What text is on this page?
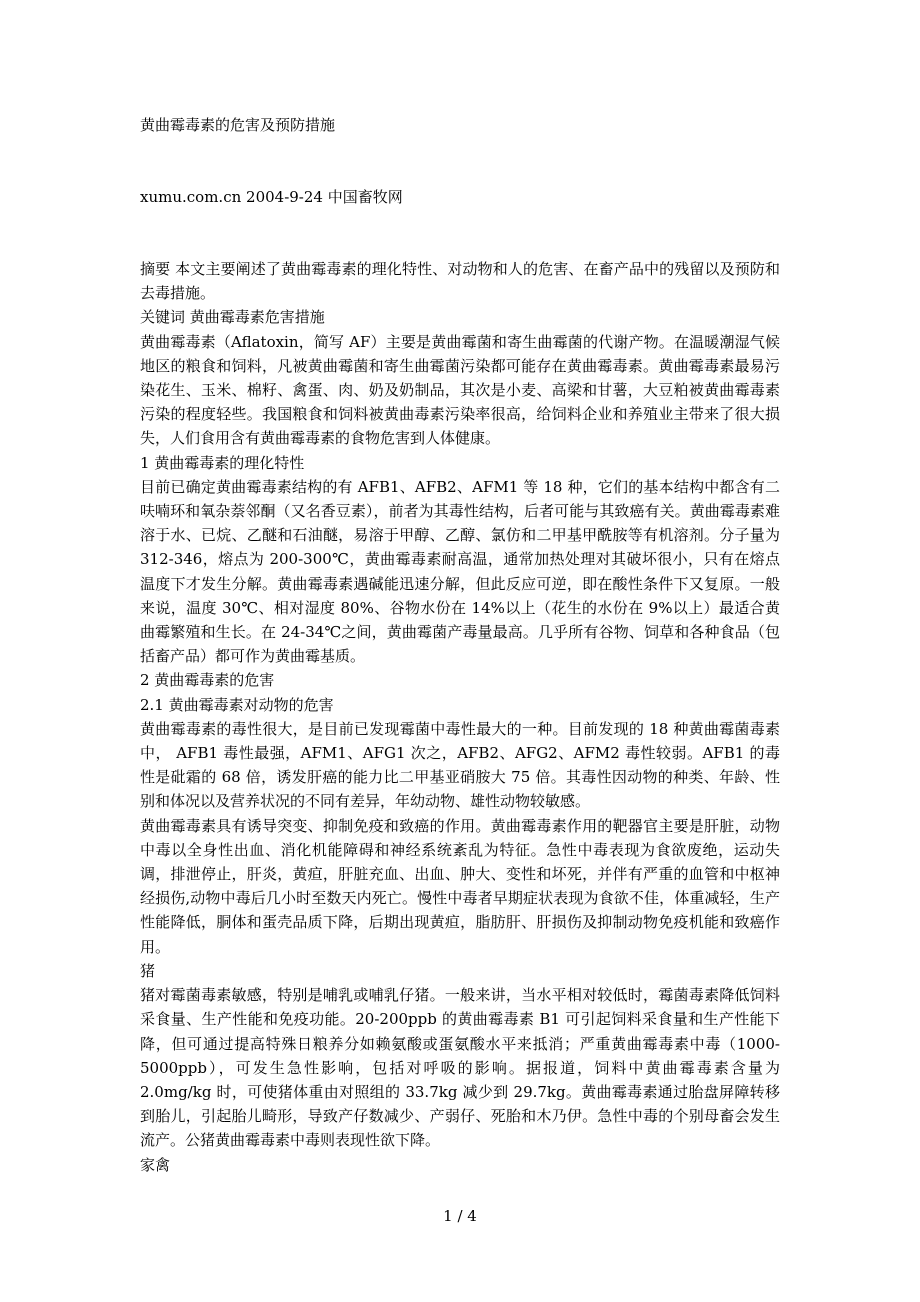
黄曲霉毒素的危害及预防措施
xumu.com.cn 2004-9-24 中国畜牧网

摘要 本文主要阐述了黄曲霉毒素的理化特性、对动物和人的危害、在畜产品中的残留以及预防和去毒措施。

关键词 黄曲霉毒素危害措施

黄曲霉毒素（Aflatoxin，简写 AF）主要是黄曲霉菌和寄生曲霉菌的代谢产物。在温暖潮湿气候地区的粮食和饲料，凡被黄曲霉菌和寄生曲霉菌污染都可能存在黄曲霉毒素。黄曲霉毒素最易污染花生、玉米、棉籽、禽蛋、肉、奶及奶制品，其次是小麦、高梁和甘薯，大豆粕被黄曲霉毒素污染的程度轻些。我国粮食和饲料被黄曲毒素污染率很高，给饲料企业和养殖业主带来了很大损失，人们食用含有黄曲霉毒素的食物危害到人体健康。

1 黄曲霉毒素的理化特性

目前已确定黄曲霉毒素结构的有 AFB1、AFB2、AFM1 等 18 种，它们的基本结构中都含有二呋喃环和氧杂萘邻酮（又名香豆素），前者为其毒性结构，后者可能与其致癌有关。黄曲霉毒素难溶于水、已烷、乙醚和石油醚，易溶于甲醇、乙醇、氯仿和二甲基甲酰胺等有机溶剂。分子量为 312-346，熔点为 200-300℃，黄曲霉毒素耐高温，通常加热处理对其破坏很小，只有在熔点温度下才发生分解。黄曲霉毒素遇碱能迅速分解，但此反应可逆，即在酸性条件下又复原。一般来说，温度 30℃、相对湿度 80%、谷物水份在 14%以上（花生的水份在 9%以上）最适合黄曲霉繁殖和生长。在 24-34℃之间，黄曲霉菌产毒量最高。几乎所有谷物、饲草和各种食品（包括畜产品）都可作为黄曲霉基质。

2 黄曲霉毒素的危害

2.1 黄曲霉毒素对动物的危害

黄曲霉毒素的毒性很大，是目前已发现霉菌中毒性最大的一种。目前发现的 18 种黄曲霉菌毒素中， AFB1 毒性最强，AFM1、AFG1 次之，AFB2、AFG2、AFM2 毒性较弱。AFB1 的毒性是砒霜的 68 倍，诱发肝癌的能力比二甲基亚硝胺大 75 倍。其毒性因动物的种类、年龄、性别和体况以及营养状况的不同有差异，年幼动物、雄性动物较敏感。

黄曲霉毒素具有诱导突变、抑制免疫和致癌的作用。黄曲霉毒素作用的靶器官主要是肝脏，动物中毒以全身性出血、消化机能障碍和神经系统紊乱为特征。急性中毒表现为食欲废绝，运动失调，排泄停止，肝炎，黄疸，肝脏充血、出血、肿大、变性和坏死，并伴有严重的血管和中枢神经损伤,动物中毒后几小时至数天内死亡。慢性中毒者早期症状表现为食欲不佳，体重减轻，生产性能降低，胴体和蛋壳品质下降，后期出现黄疸，脂肪肝、肝损伤及抑制动物免疫机能和致癌作用。

猪

猪对霉菌毒素敏感，特别是哺乳或哺乳仔猪。一般来讲，当水平相对较低时，霉菌毒素降低饲料采食量、生产性能和免疫功能。20-200ppb 的黄曲霉毒素 B1 可引起饲料采食量和生产性能下降，但可通过提高特殊日粮养分如赖氨酸或蛋氨酸水平来抵消；严重黄曲霉毒素中毒（1000-5000ppb），可发生急性影响，包括对呼吸的影响。据报道，饲料中黄曲霉毒素含量为 2.0mg/kg 时，可使猪体重由对照组的 33.7kg 减少到 29.7kg。黄曲霉毒素通过胎盘屏障转移到胎儿，引起胎儿畸形，导致产仔数减少、产弱仔、死胎和木乃伊。急性中毒的个别母畜会发生流产。公猪黄曲霉毒素中毒则表现性欲下降。

家禽

1 / 4
